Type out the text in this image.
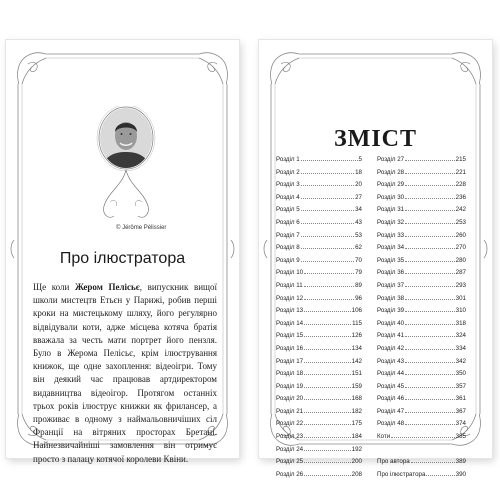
© Jérôme Pélissier
Про ілюстратора
Ще коли Жером Пелісьє, випускник вищої школи мистецтв Етьєн у Парижі, робив перші кроки на мистецькому шляху, його регулярно відвідували коти, адже місцева котяча братія вважала за честь мати портрет його пензля. Було в Жерома Пелісьє, крім ілюстрування книжок, ще одне захоплення: відеоігри. Тому він деякий час працював артдиректором видавництва відеоігор. Протягом останніх трьох років ілюструє книжки як фрилансер, а проживає в одному з наймальовничіших сіл Франції на вітряних просторах Бретані. Найнезвичайніші замовлення він отримує просто з палацу котячої королеви Квіни.
ЗМІСТ
Розділ 1	5
Розділ 2	18
Розділ 3	20
Розділ 4	27
Розділ 5	34
Розділ 6	43
Розділ 7	53
Розділ 8	62
Розділ 9	70
Розділ 10	79
Розділ 11	89
Розділ 12	96
Розділ 13	106
Розділ 14	115
Розділ 15	126
Розділ 16	134
Розділ 17	142
Розділ 18	151
Розділ 19	159
Розділ 20	168
Розділ 21	182
Розділ 22	175
Розділ 23	184
Розділ 24	192
Розділ 25	200
Розділ 26	208
Розділ 27	215
Розділ 28	221
Розділ 29	228
Розділ 30	236
Розділ 31	242
Розділ 32	253
Розділ 33	260
Розділ 34	270
Розділ 35	280
Розділ 36	287
Розділ 37	293
Розділ 38	301
Розділ 39	310
Розділ 40	318
Розділ 41	324
Розділ 42	334
Розділ 43	342
Розділ 44	350
Розділ 45	357
Розділ 46	361
Розділ 47	367
Розділ 48	374
Коти	385
Про автора	389
Про ілюстратора	390
